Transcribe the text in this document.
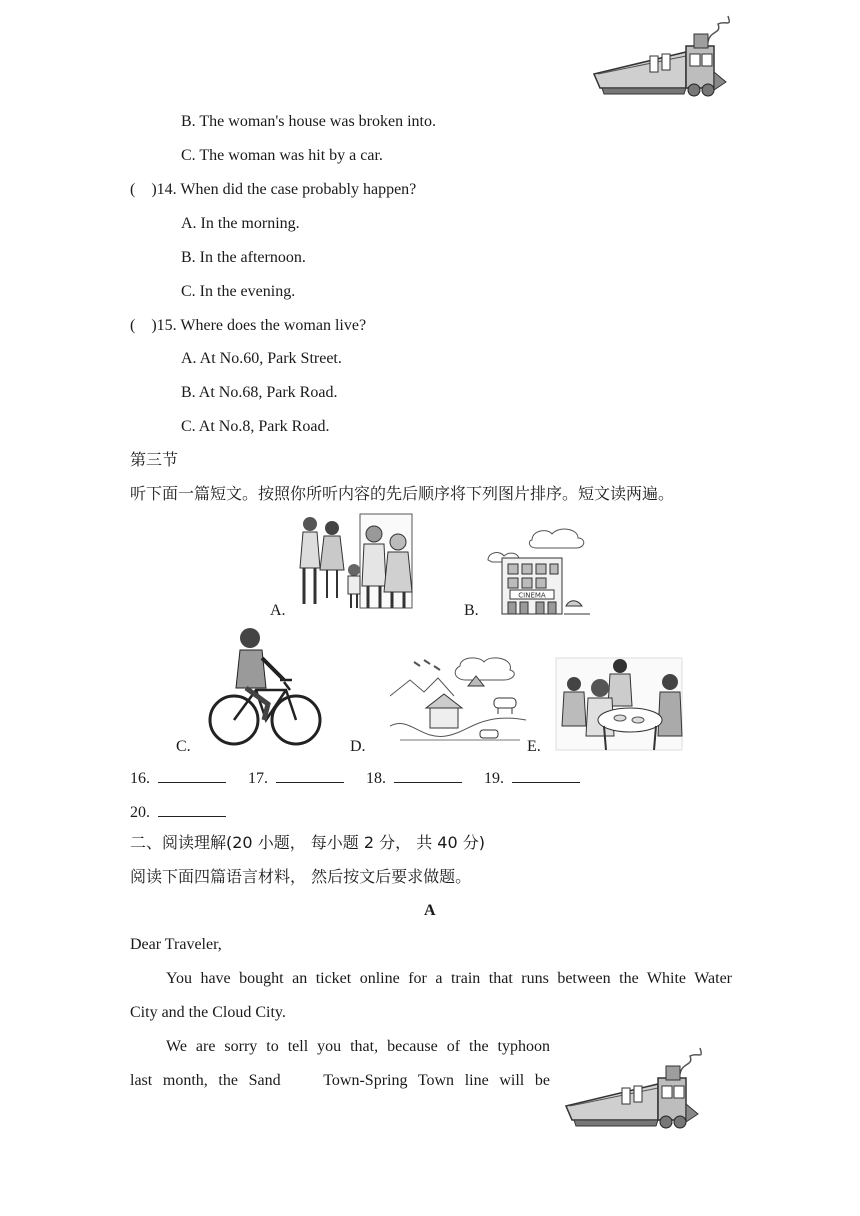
B. The woman's house was broken into.
C. The woman was hit by a car.
(    )14. When did the case probably happen?
A. In the morning.
B. In the afternoon.
C. In the evening.
(    )15. Where does the woman live?
A. At No.60, Park Street.
B. At No.68, Park Road.
C. At No.8, Park Road.
第三节
听下面一篇短文。按照你所听内容的先后顺序将下列图片排序。短文读两遍。
A.
CINEMA
B.
C.	D.	E.
16.	17.	18.	19.
20.
二、阅读理解(20 小题， 每小题 2 分， 共 40 分)
阅读下面四篇语言材料， 然后按文后要求做题。
A
Dear Traveler,
You have bought an ticket online for a train that runs between the White Water
City and the Cloud City.
We are sorry to tell you that, because of the typhoon
last month, the Sand    Town-Spring Town line will be
